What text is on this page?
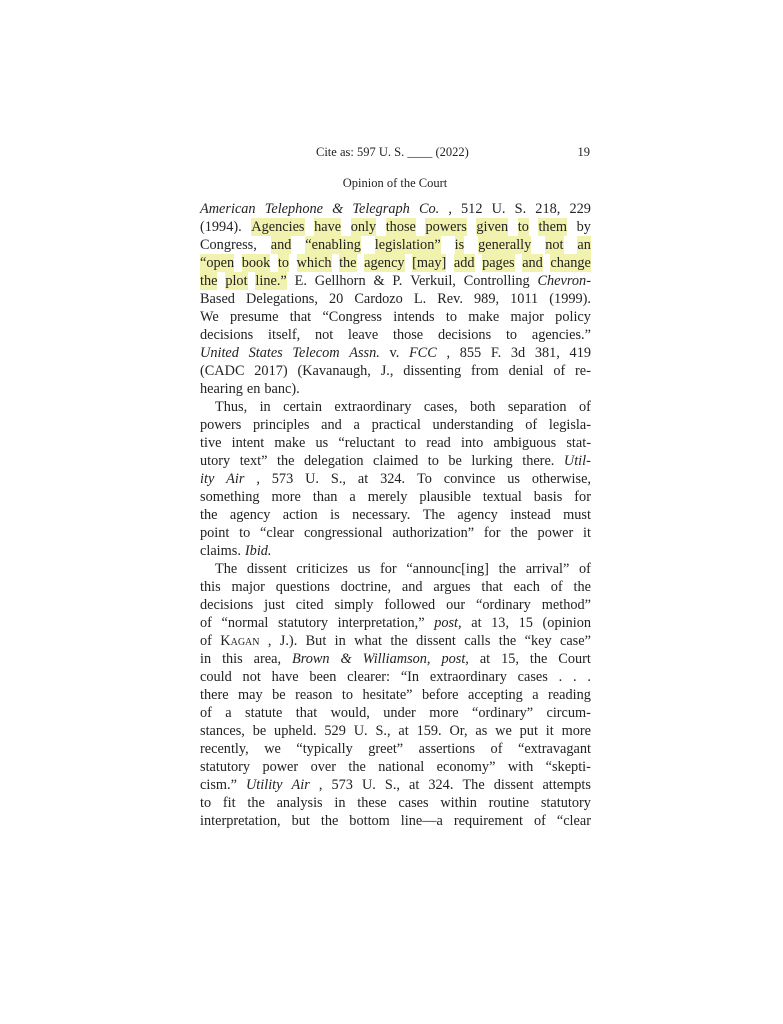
Cite as: 597 U. S. ____ (2022)	19
Opinion of the Court
American Telephone & Telegraph Co. , 512 U. S. 218, 229
(1994). Agencies have only those powers given to them by
Congress, and “enabling legislation” is generally not an
“open book to which the agency [may] add pages and change
the plot line.” E. Gellhorn & P. Verkuil, Controlling Chevron-
Based Delegations, 20 Cardozo L. Rev. 989, 1011 (1999).
We presume that “Congress intends to make major policy
decisions itself, not leave those decisions to agencies.”
United States Telecom Assn. v. FCC , 855 F. 3d 381, 419
(CADC 2017) (Kavanaugh, J., dissenting from denial of re-
hearing en banc).
Thus, in certain extraordinary cases, both separation of
powers principles and a practical understanding of legisla-
tive intent make us “reluctant to read into ambiguous stat-
utory text” the delegation claimed to be lurking there. Util-
ity Air , 573 U. S., at 324. To convince us otherwise,
something more than a merely plausible textual basis for
the agency action is necessary. The agency instead must
point to “clear congressional authorization” for the power it
claims. Ibid.
The dissent criticizes us for “announc[ing] the arrival” of
this major questions doctrine, and argues that each of the
decisions just cited simply followed our “ordinary method”
of “normal statutory interpretation,” post, at 13, 15 (opinion
of Kagan , J.). But in what the dissent calls the “key case”
in this area, Brown & Williamson, post, at 15, the Court
could not have been clearer: “In extraordinary cases . . .
there may be reason to hesitate” before accepting a reading
of a statute that would, under more “ordinary” circum-
stances, be upheld. 529 U. S., at 159. Or, as we put it more
recently, we “typically greet” assertions of “extravagant
statutory power over the national economy” with “skepti-
cism.” Utility Air , 573 U. S., at 324. The dissent attempts
to fit the analysis in these cases within routine statutory
interpretation, but the bottom line—a requirement of “clear
